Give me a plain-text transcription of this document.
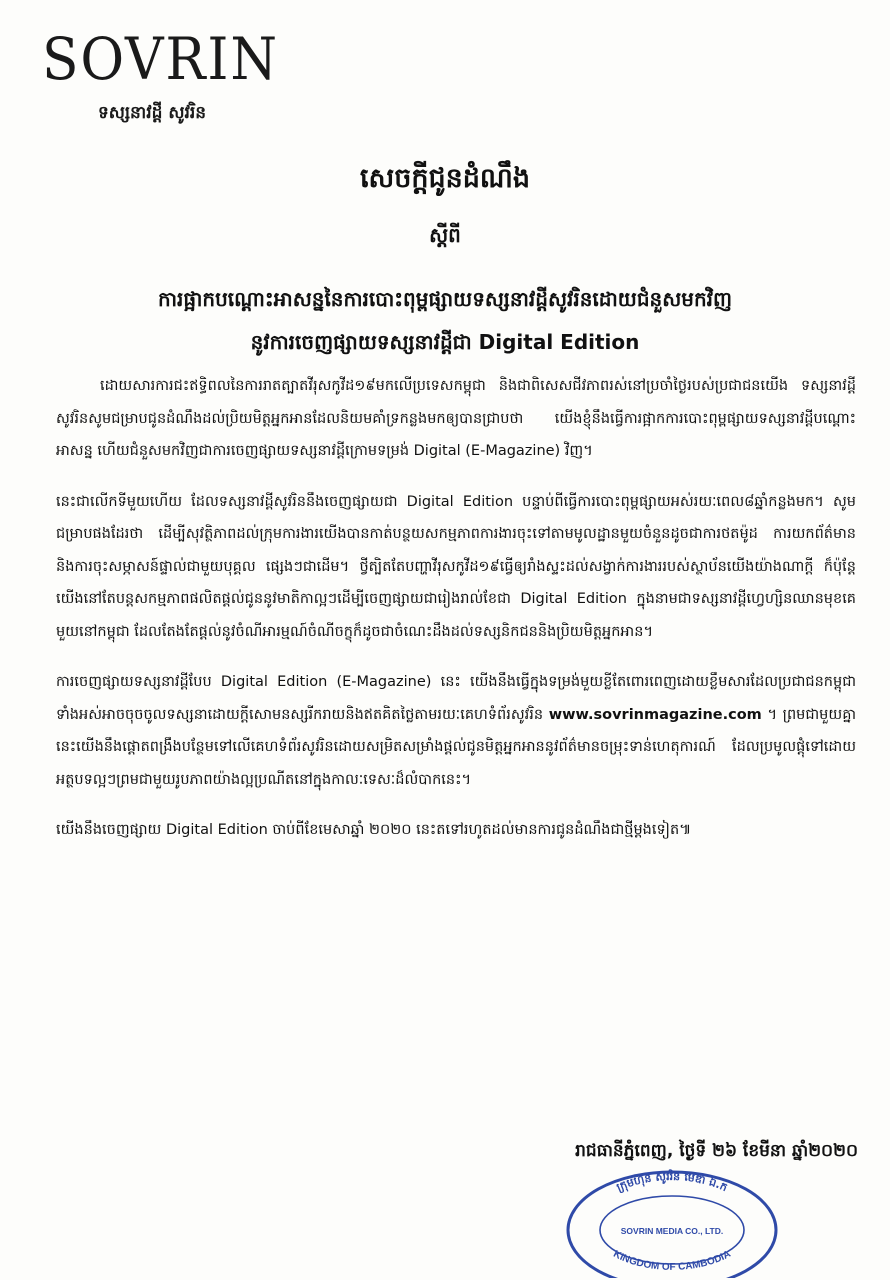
SOVRIN
ទស្សនាវដ្តី សូវរិន
សេចក្តីជូនដំណឹង
ស្តីពី
ការផ្អាកបណ្តោះអាសន្ននៃការបោះពុម្ពផ្សាយទស្សនាវដ្តីសូវរិនដោយជំនួសមកវិញ
នូវការចេញផ្សាយទស្សនាវដ្តីជា Digital Edition

ដោយសារការជះឥទ្ធិពលនៃការរាតត្បាតវីរុសកូវីដ១៩មកលើប្រទេសកម្ពុជា និងជាពិសេសជីវភាពរស់នៅប្រចាំថ្ងៃរបស់ប្រជាជនយើង ទស្សនាវដ្តីសូវរិនសូមជម្រាបជូនដំណឹងដល់ប្រិយមិត្តអ្នកអានដែលនិយមគាំទ្រកន្លងមកឲ្យបានជ្រាបថា យើងខ្ញុំនឹងធ្វើការផ្អាកការបោះពុម្ពផ្សាយទស្សនាវដ្តីបណ្តោះអាសន្ន ហើយជំនួសមកវិញជាការចេញផ្សាយទស្សនាវដ្តីក្រោមទម្រង់ Digital (E-Magazine) វិញ។

នេះជាលើកទីមួយហើយ ដែលទស្សនាវដ្តីសូវរិននឹងចេញផ្សាយជា Digital Edition បន្ទាប់ពីធ្វើការបោះពុម្ពផ្សាយអស់រយៈពេល៨ឆ្នាំកន្លងមក។ សូមជម្រាបផងដែរថា ដើម្បីសុវត្ថិភាពដល់ក្រុមការងារយើងបានកាត់បន្ថយសកម្មភាពការងារចុះទៅតាមមូលដ្ឋានមួយចំនួនដូចជាការថតម៉ូដ ការយកព័ត៌មាន និងការចុះសម្ភាសន៍ផ្ទាល់ជាមួយបុគ្គល ផ្សេងៗជាដើម។ ថ្វីត្បិតតែបញ្ហាវីរុសកូវីដ១៩ធ្វើឲ្យរាំងស្ទះដល់សង្វាក់ការងាររបស់ស្ថាប័នយើងយ៉ាងណាក្តី ក៏ប៉ុន្តែយើងនៅតែបន្តសកម្មភាពផលិតផ្តល់ជូននូវមាតិកាល្អៗដើម្បីចេញផ្សាយជារៀងរាល់ខែជា Digital Edition ក្នុងនាមជាទស្សនាវដ្តីហ្វេហ្សិនឈានមុខគេមួយនៅកម្ពុជា ដែលតែងតែផ្តល់នូវចំណីអារម្មណ៍ចំណីចក្ខុក៏ដូចជាចំណេះដឹងដល់ទស្សនិកជននិងប្រិយមិត្តអ្នកអាន។

ការចេញផ្សាយទស្សនាវដ្តីបែប Digital Edition (E-Magazine) នេះ យើងនឹងធ្វើក្នុងទម្រង់មួយខ្លីតែពោរពេញដោយខ្លឹមសារដែលប្រជាជនកម្ពុជាទាំងអស់អាចចុចចូលទស្សនាដោយក្តីសោមនស្សរីករាយនិងឥតគិតថ្លៃតាមរយៈគេហទំព័រសូវរិន www.sovrinmagazine.com ។ ព្រមជាមួយគ្នានេះយើងនឹងផ្តោតពង្រឹងបន្ថែមទៅលើគេហទំព័រសូវរិនដោយសម្រិតសម្រាំងផ្តល់ជូនមិត្តអ្នកអាននូវព័ត៌មានចម្រុះទាន់ហេតុការណ៍ ដែលប្រមូលផ្តុំទៅដោយអត្ថបទល្អៗព្រមជាមួយរូបភាពយ៉ាងល្អប្រណីតនៅក្នុងកាលៈទេសៈដ៏លំបាកនេះ។

យើងនឹងចេញផ្សាយ Digital Edition ចាប់ពីខែមេសាឆ្នាំ ២០២០ នេះតទៅរហូតដល់មានការជូនដំណឹងជាថ្មីម្តងទៀត៕

រាជធានីភ្នំពេញ, ថ្ងៃទី ២៦ ខែមីនា ឆ្នាំ២០២០
ក្រុមហ៊ុន សូវរិន មេឌា ឯ.ក
SOVRIN MEDIA CO., LTD.
KINGDOM OF CAMBODIA
